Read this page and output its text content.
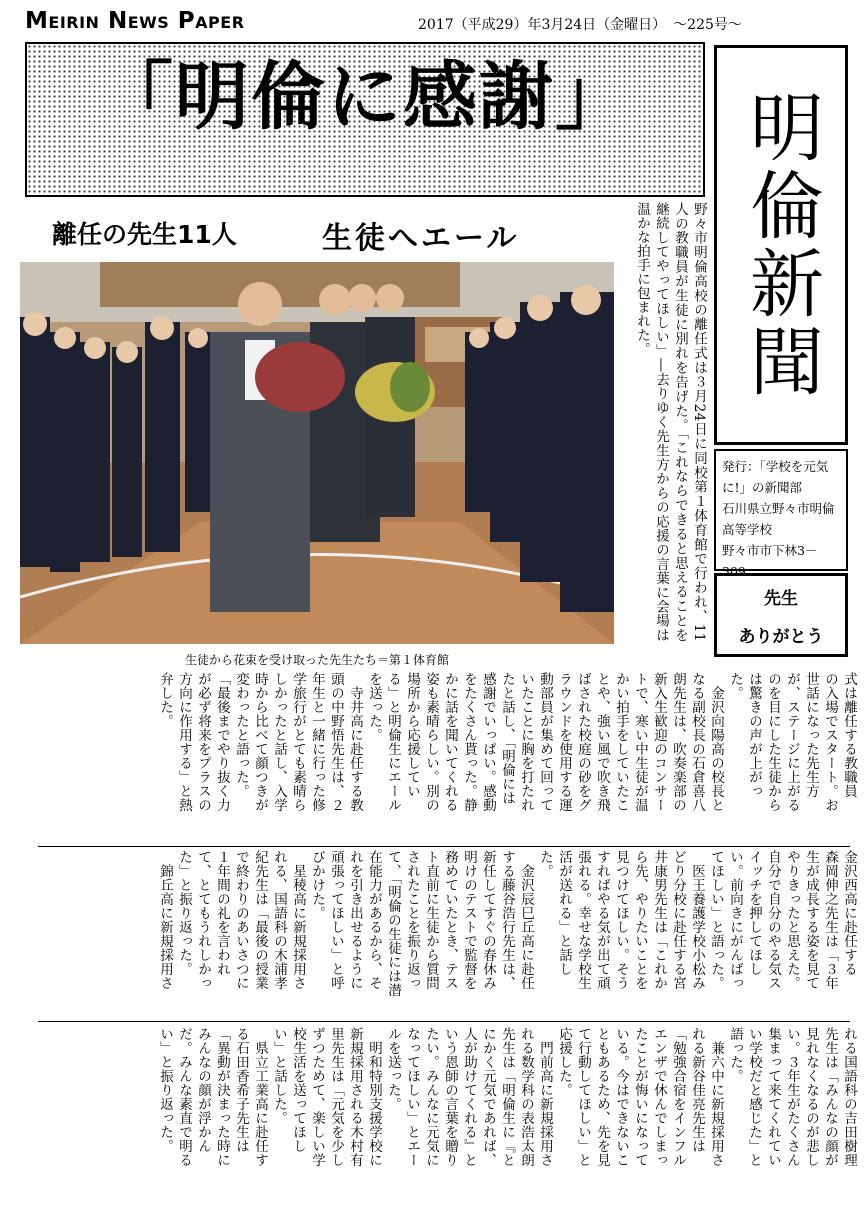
Meirin News Paper	2017（平成29）年3月24日（金曜日）　～225号～
「明倫に感謝」	明倫新聞
発行：「学校を元気に!」の新聞部
石川県立野々市明倫高等学校
野々市市下林3－309
先生
ありがとう
離任の先生11人	生徒へエール
生徒から花束を受け取った先生たち＝第１体育館
野々市明倫高校の離任式は３月24日に同校第１体育館で行われ、11人の教職員が生徒に別れを告げた。「これならできると思えることを継続してやってほしい」―去りゆく先生方からの応援の言葉に会場は温かな拍手に包まれた。
式は離任する教職員
の入場でスタート。お
世話になった先生方
が、ステージに上がる
のを目にした生徒から
は驚きの声が上がっ
た。
　金沢向陽高の校長と
なる副校長の石倉喜八
朗先生は、吹奏楽部の
新入生歓迎のコンサー
トで、寒い中生徒が温
かい拍手をしていたこ
とや、強い風で吹き飛
ばされた校庭の砂をグ
ラウンドを使用する運
動部員が集めて回って
いたことに胸を打たれ
たと話し、「明倫には
感謝でいっぱい。感動
をたくさん貰った。静
かに話を聞いてくれる
姿も素晴らしい。別の
場所から応援してい
る」と明倫生にエール
を送った。
　寺井高に赴任する教
頭の中野悟先生は、２
年生と一緒に行った修
学旅行がとても素晴ら
しかったと話し、入学
時から比べて顔つきが
変わったと語った。
「最後までやり抜く力
が必ず将来をプラスの
方向に作用する」と熱
弁した。
金沢西高に赴任する
森岡伸之先生は「３年
生が成長する姿を見て
やりきったと思えた。
自分で自分のやる気ス
イッチを押してほし
い。前向きにがんばっ
てほしい」と語った。
　医王養護学校小松み
どり分校に赴任する宮
井康男先生は「これか
ら先、やりたいことを
見つけてほしい。そう
すればやる気が出て頑
張れる。幸せな学校生
活が送れる」と話し
た。
　金沢辰巳丘高に赴任
する藤谷浩行先生は、
新任してすぐの春休み
明けのテストで監督を
務めていたとき、テス
ト直前に生徒から質問
されたことを振り返っ
て、「明倫の生徒には潜
在能力があるから、そ
れを引き出せるように
頑張ってほしい」と呼
びかけた。
　星稜高に新規採用さ
れる、国語科の木浦孝
紀先生は「最後の授業
で終わりのあいさつに
１年間の礼を言われ
て、とてもうれしかっ
た」と振り返った。
　錦丘高に新規採用さ
れる国語科の吉田樹理
先生は「みんなの顔が
見れなくなるのが悲し
い。３年生がたくさん
集まって来てくれてい
い学校だと感じた」と
語った。
　兼六中に新規採用さ
れる新谷佳亮先生は
「勉強合宿をインフル
エンザで休んでしまっ
たことが悔いになって
いる。今はできないこ
ともあるため、先を見
て行動してほしい」と
応援した。
　門前高に新規採用さ
れる数学科の表浩太朗
先生は「明倫生に『と
にかく元気であれば、
人が助けてくれる』と
いう恩師の言葉を贈り
たい。みんなに元気に
なってほしい」とエー
ルを送った。
　明和特別支援学校に
新規採用される木村有
里先生は「元気を少し
ずつためて、楽しい学
校生活を送ってほし
い」と話した。
　県立工業高に赴任す
る石田香希子先生は
「異動が決まった時に
みんなの顔が浮かん
だ。みんな素直で明る
い」と振り返った。
